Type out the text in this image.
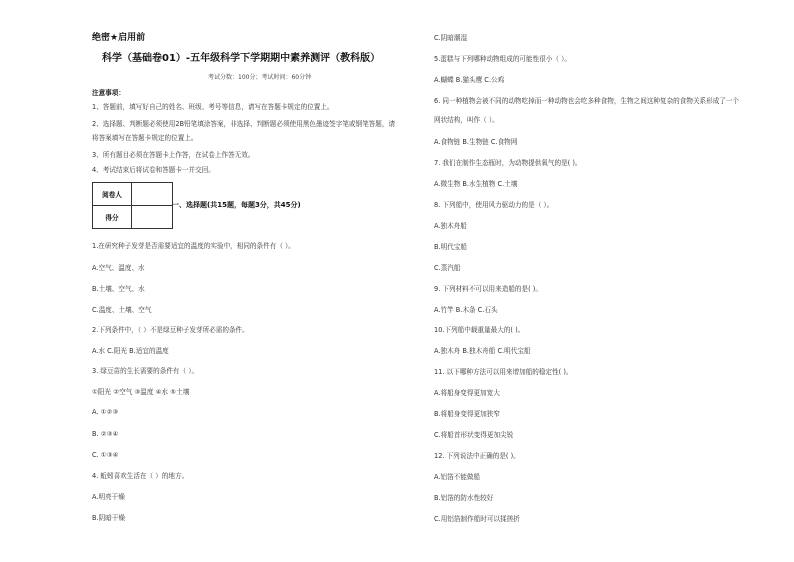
绝密★启用前
科学（基础卷01）-五年级科学下学期期中素养测评（教科版）
考试分数：100分；考试时间：60分钟
注意事项：
1、答题前，填写好自己的姓名、班级、考号等信息，请写在答题卡规定的位置上。
2、选择题、判断题必须使用2B铅笔填涂答案，非选择、判断题必须使用黑色墨迹签字笔或钢笔答题，请
将答案填写在答题卡规定的位置上。
3、所有题目必须在答题卡上作答，在试卷上作答无效。
4、考试结束后将试卷和答题卡一并交回。
阅卷人	
得分	
一、选择题(共15题，每题3分，共45分)
1.在研究种子发芽是否需要适宜的温度的实验中，相同的条件有（ ）。
A.空气、温度、水
B.土壤、空气、水
C.温度、土壤、空气
2.下列条件中，（ ）不是绿豆种子发芽所必需的条件。
A.水 C.阳光 B.适宜的温度
3. 绿豆苗的生长需要的条件有（ ）。
①阳光 ②空气 ③温度 ④水 ⑤土壤
A. ①②③
B. ②③④
C. ①③④
4. 蚯蚓喜欢生活在（ ）的地方。
A.明亮干燥
B.阴暗干燥
C.阴暗潮湿
5.蛋糕与下列哪种动物组成的可能性很小（ ）。
A.蝴蝶 B.猫头鹰 C.公鸡
6. 同一种植物会被不同的动物吃掉而一种动物也会吃多种食物，生物之间这种复杂的食物关系形成了一个
网状结构，叫作（ ）。
A.食物链 B.生物链 C.食物网
7. 我们在制作生态瓶时，为动物提供氧气的是( )。
A.微生物 B.水生植物 C.土壤
8. 下列船中，使用风力驱动力的是（ ）。
A.独木舟船
B.明代宝船
C.蒸汽船
9. 下列材料不可以用来造船的是( )。
A.竹竿 B.木条 C.石头
10.下列船中载重量最大的( )。
A.独木舟 B.独木舟船 C.明代宝船
11. 以下哪种方法可以用来增加船的稳定性( )。
A.将船身变得更加宽大
B.将船身变得更加狭窄
C.将船首形状变得更加尖锐
12. 下列说法中正确的是( )。
A.铝箔不能做船
B.铝箔的防水性较好
C.用铝箔制作船时可以揉搓折
